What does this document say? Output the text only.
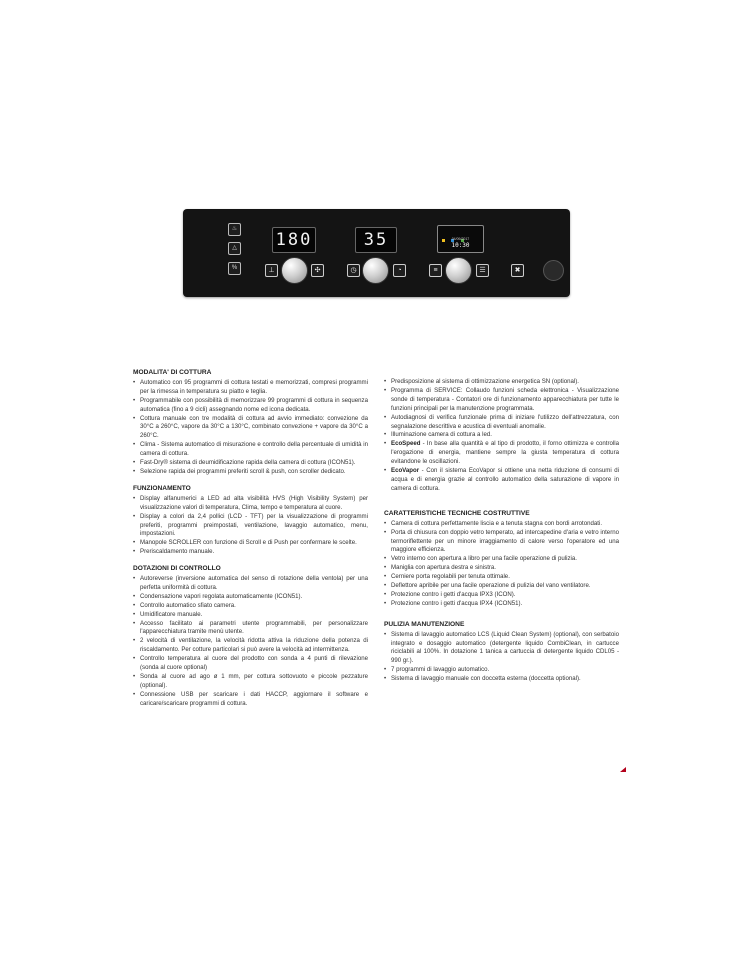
♨
△
%
180	35
	04/09/2017
10:30
⊥	✣	◷	◔	≡	☰	✖
MODALITA' DI COTTURA
• Automatico con 95 programmi di cottura testati e memorizzati, compresi programmi per la rimessa in temperatura su piatto e teglia.
• Programmabile con possibilità di memorizzare 99 programmi di cottura in sequenza automatica (fino a 9 cicli) assegnando nome ed icona dedicata.
• Cottura manuale con tre modalità di cottura ad avvio immediato: convezione da 30°C a 260°C, vapore da 30°C a 130°C, combinato convezione + vapore da 30°C a 260°C.
• Clima - Sistema automatico di misurazione e controllo della percentuale di umidità in camera di cottura.
• Fast-Dry® sistema di deumidificazione rapida della camera di cottura (ICON51).
• Selezione rapida dei programmi preferiti scroll & push, con scroller dedicato.
FUNZIONAMENTO
• Display alfanumerici a LED ad alta visibilità HVS (High Visibility System) per visualizzazione valori di temperatura, Clima, tempo e temperatura al cuore.
• Display a colori da 2,4 pollici (LCD - TFT) per la visualizzazione di programmi preferiti, programmi preimpostati, ventilazione, lavaggio automatico, menu, impostazioni.
• Manopole SCROLLER con funzione di Scroll e di Push per confermare le scelte.
• Preriscaldamento manuale.
DOTAZIONI DI CONTROLLO
• Autoreverse (inversione automatica del senso di rotazione della ventola) per una perfetta uniformità di cottura.
• Condensazione vapori regolata automaticamente (ICON51).
• Controllo automatico sfiato camera.
• Umidificatore manuale.
• Accesso facilitato ai parametri utente programmabili, per personalizzare l'apparecchiatura tramite menù utente.
• 2 velocità di ventilazione, la velocità ridotta attiva la riduzione della potenza di riscaldamento. Per cotture particolari si può avere la velocità ad intermittenza.
• Controllo temperatura al cuore del prodotto con sonda a 4 punti di rilevazione (sonda al cuore optional)
• Sonda al cuore ad ago ø 1 mm, per cottura sottovuoto e piccole pezzature (optional).
• Connessione USB per scaricare i dati HACCP, aggiornare il software e caricare/scaricare programmi di cottura.
• Predisposizione al sistema di ottimizzazione energetica SN (optional).
• Programma di SERVICE: Collaudo funzioni scheda elettronica - Visualizzazione sonde di temperatura - Contatori ore di funzionamento apparecchiatura per tutte le funzioni principali per la manutenzione programmata.
• Autodiagnosi di verifica funzionale prima di iniziare l'utilizzo dell'attrezzatura, con segnalazione descrittiva e acustica di eventuali anomalie.
• Illuminazione camera di cottura a led.
• EcoSpeed - In base alla quantità e al tipo di prodotto, il forno ottimizza e controlla l'erogazione di energia, mantiene sempre la giusta temperatura di cottura evitandone le oscillazioni.
• EcoVapor - Con il sistema EcoVapor si ottiene una netta riduzione di consumi di acqua e di energia grazie al controllo automatico della saturazione di vapore in camera di cottura.
CARATTERISTICHE TECNICHE COSTRUTTIVE
• Camera di cottura perfettamente liscia e a tenuta stagna con bordi arrotondati.
• Porta di chiusura con doppio vetro temperato, ad intercapedine d'aria e vetro interno termoriflettente per un minore irraggiamento di calore verso l'operatore ed una maggiore efficienza.
• Vetro interno con apertura a libro per una facile operazione di pulizia.
• Maniglia con apertura destra e sinistra.
• Cerniere porta regolabili per tenuta ottimale.
• Deflettore apribile per una facile operazione di pulizia del vano ventilatore.
• Protezione contro i getti d'acqua IPX3 (ICON).
• Protezione contro i getti d'acqua IPX4 (ICON51).
PULIZIA MANUTENZIONE
• Sistema di lavaggio automatico LCS (Liquid Clean System) (optional), con serbatoio integrato e dosaggio automatico (detergente liquido CombiClean, in cartucce riciclabili al 100%. In dotazione 1 tanica a cartuccia di detergente liquido CDL05 - 990 gr.).
• 7 programmi di lavaggio automatico.
• Sistema di lavaggio manuale con doccetta esterna (doccetta optional).
